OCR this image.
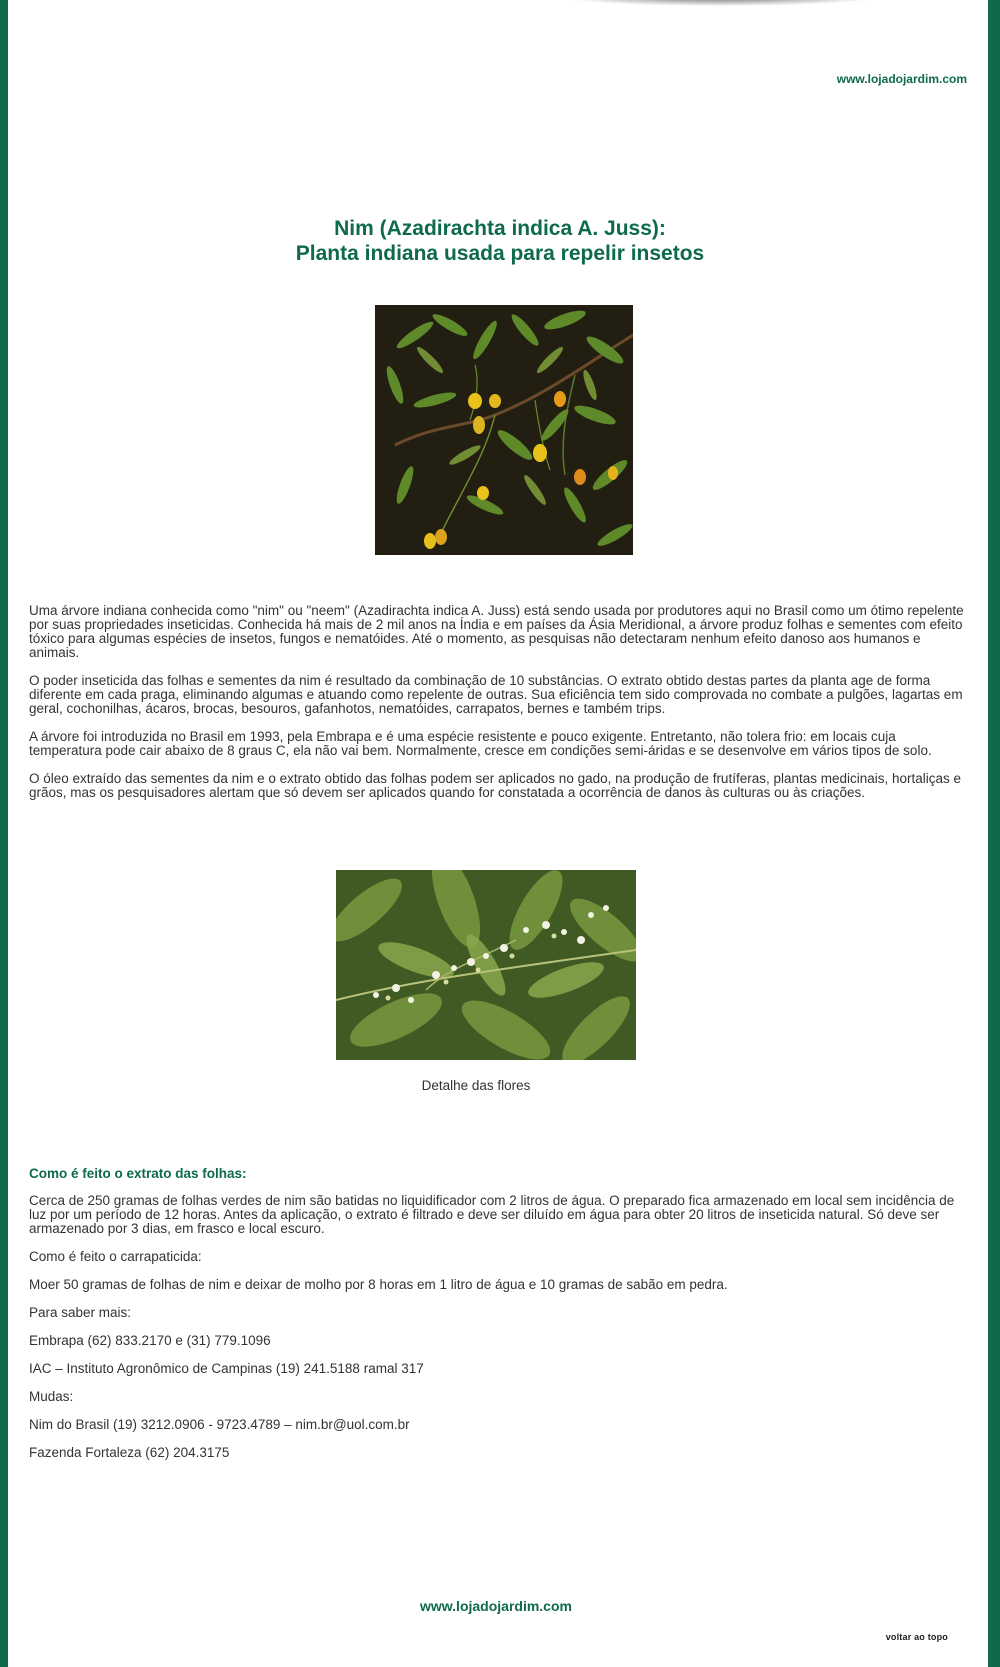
www.lojadojardim.com
Nim (Azadirachta indica A. Juss):
Planta indiana usada para repelir insetos

Uma árvore indiana conhecida como "nim" ou "neem" (Azadirachta indica A. Juss) está sendo usada por produtores aqui no Brasil como um ótimo repelente por suas propriedades inseticidas. Conhecida há mais de 2 mil anos na Índia e em países da Ásia Meridional, a árvore produz folhas e sementes com efeito tóxico para algumas espécies de insetos, fungos e nematóides. Até o momento, as pesquisas não detectaram nenhum efeito danoso aos humanos e animais.

O poder inseticida das folhas e sementes da nim é resultado da combinação de 10 substâncias. O extrato obtido destas partes da planta age de forma diferente em cada praga, eliminando algumas e atuando como repelente de outras. Sua eficiência tem sido comprovada no combate a pulgões, lagartas em geral, cochonilhas, ácaros, brocas, besouros, gafanhotos, nematóides, carrapatos, bernes e também trips.

A árvore foi introduzida no Brasil em 1993, pela Embrapa e é uma espécie resistente e pouco exigente. Entretanto, não tolera frio: em locais cuja temperatura pode cair abaixo de 8 graus C, ela não vai bem. Normalmente, cresce em condições semi-áridas e se desenvolve em vários tipos de solo.

O óleo extraído das sementes da nim e o extrato obtido das folhas podem ser aplicados no gado, na produção de frutíferas, plantas medicinais, hortaliças e grãos, mas os pesquisadores alertam que só devem ser aplicados quando for constatada a ocorrência de danos às culturas ou às criações.

Detalhe das flores
Como é feito o extrato das folhas:

Cerca de 250 gramas de folhas verdes de nim são batidas no liquidificador com 2 litros de água. O preparado fica armazenado em local sem incidência de luz por um período de 12 horas. Antes da aplicação, o extrato é filtrado e deve ser diluído em água para obter 20 litros de inseticida natural. Só deve ser armazenado por 3 dias, em frasco e local escuro.

Como é feito o carrapaticida:

Moer 50 gramas de folhas de nim e deixar de molho por 8 horas em 1 litro de água e 10 gramas de sabão em pedra.

Para saber mais:

Embrapa (62) 833.2170 e (31) 779.1096

IAC – Instituto Agronômico de Campinas (19) 241.5188 ramal 317

Mudas:

Nim do Brasil (19) 3212.0906 - 9723.4789 – nim.br@uol.com.br

Fazenda Fortaleza (62) 204.3175

www.lojadojardim.com
voltar ao topo
